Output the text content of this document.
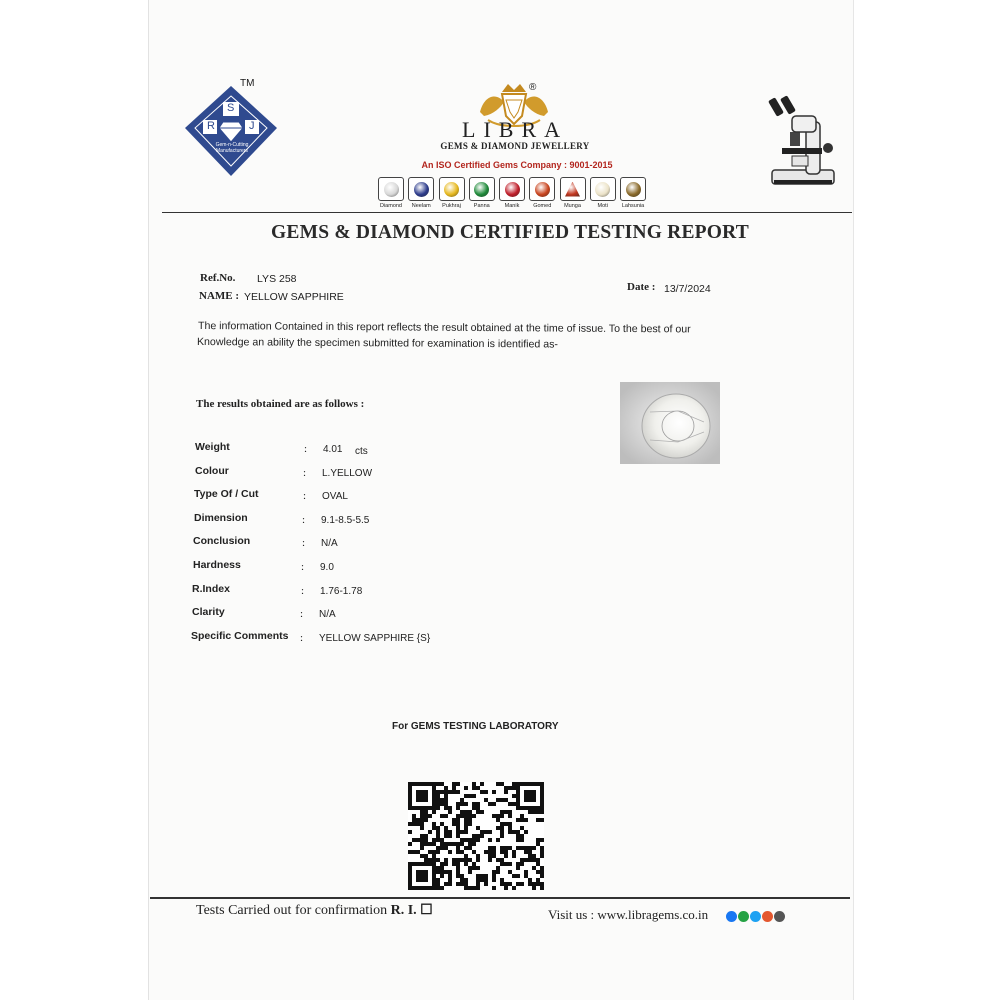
S
R	J
Gem-n-Cutting Manufacturers
TM	®
LIBRA
GEMS & DIAMOND JEWELLERY
An ISO Certified Gems Company : 9001-2015
Diamond Neelam Pukhraj Panna	Manik	Gomed Munga	Moti	Lahsunia
GEMS & DIAMOND CERTIFIED TESTING REPORT
Ref.No. LYS 258
NAME : YELLOW SAPPHIRE
Date : 13/7/2024
The information Contained in this report reflects the result obtained at the time of issue. To the best of our
Knowledge an ability the specimen submitted for examination is identified as-
The results obtained are as follows :
Weight	: 4.01 cts
Colour	: L.YELLOW
Type Of / Cut	: OVAL
Dimension	: 9.1-8.5-5.5
Conclusion	: N/A
Hardness	: 9.0
R.Index	: 1.76-1.78
Clarity	: N/A
Specific Comments : YELLOW SAPPHIRE {S}
For GEMS TESTING LABORATORY
Tests Carried out for confirmation R. I. ☐	Visit us : www.libragems.co.in
